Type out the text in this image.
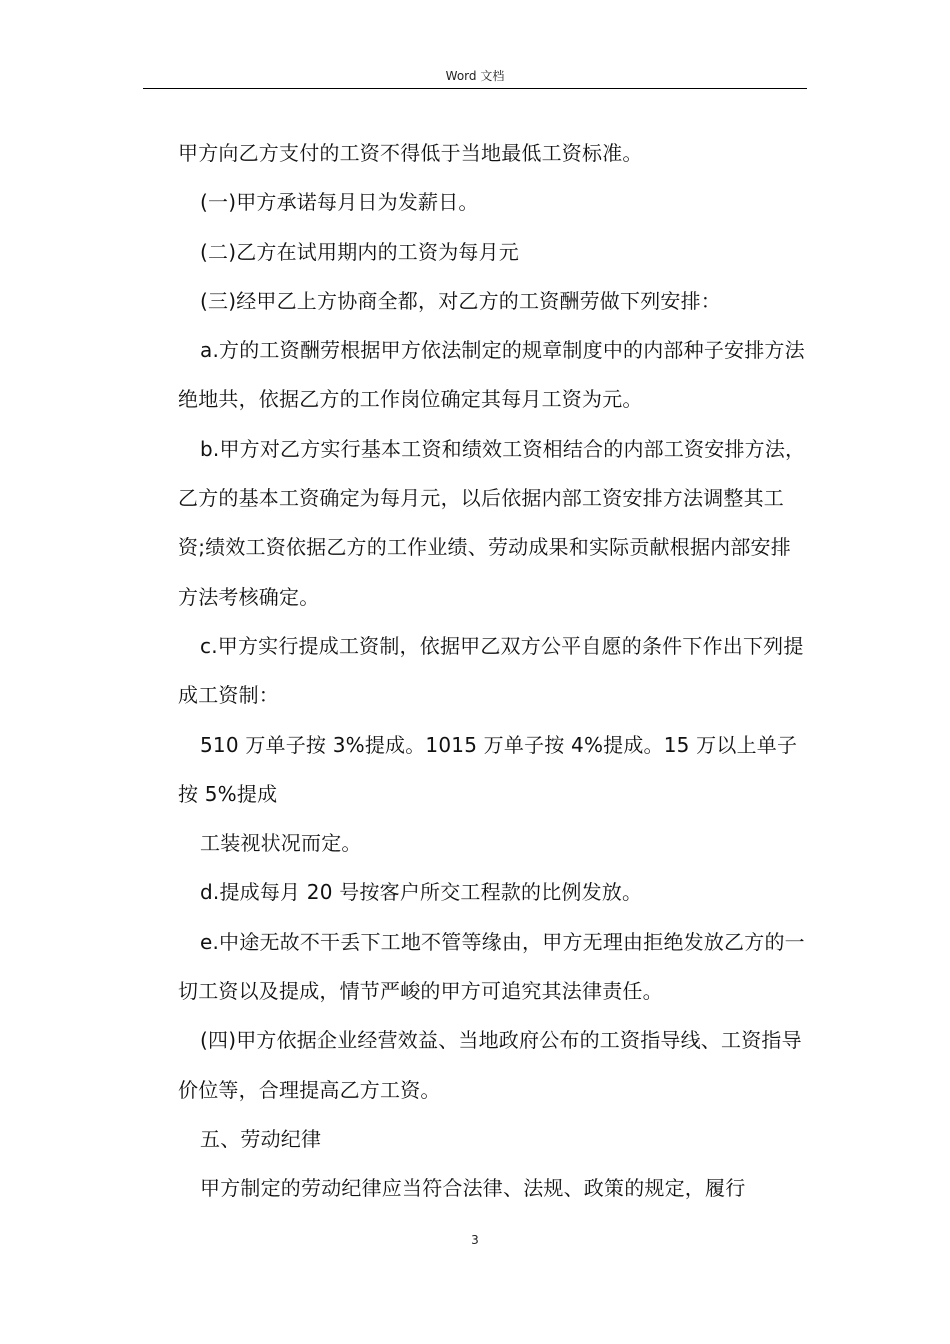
Word 文档

甲方向乙方支付的工资不得低于当地最低工资标准。

(一)甲方承诺每月日为发薪日。

(二)乙方在试用期内的工资为每月元

(三)经甲乙上方协商全都，对乙方的工资酬劳做下列安排：

a.方的工资酬劳根据甲方依法制定的规章制度中的内部种子安排方法绝地共，依据乙方的工作岗位确定其每月工资为元。

b.甲方对乙方实行基本工资和绩效工资相结合的内部工资安排方法，乙方的基本工资确定为每月元，以后依据内部工资安排方法调整其工资;绩效工资依据乙方的工作业绩、劳动成果和实际贡献根据内部安排方法考核确定。

c.甲方实行提成工资制，依据甲乙双方公平自愿的条件下作出下列提成工资制：

510 万单子按 3%提成。1015 万单子按 4%提成。15 万以上单子按 5%提成

工装视状况而定。

d.提成每月 20 号按客户所交工程款的比例发放。

e.中途无故不干丢下工地不管等缘由，甲方无理由拒绝发放乙方的一切工资以及提成，情节严峻的甲方可追究其法律责任。

(四)甲方依据企业经营效益、当地政府公布的工资指导线、工资指导价位等，合理提高乙方工资。

五、劳动纪律

甲方制定的劳动纪律应当符合法律、法规、政策的规定，履行

3
